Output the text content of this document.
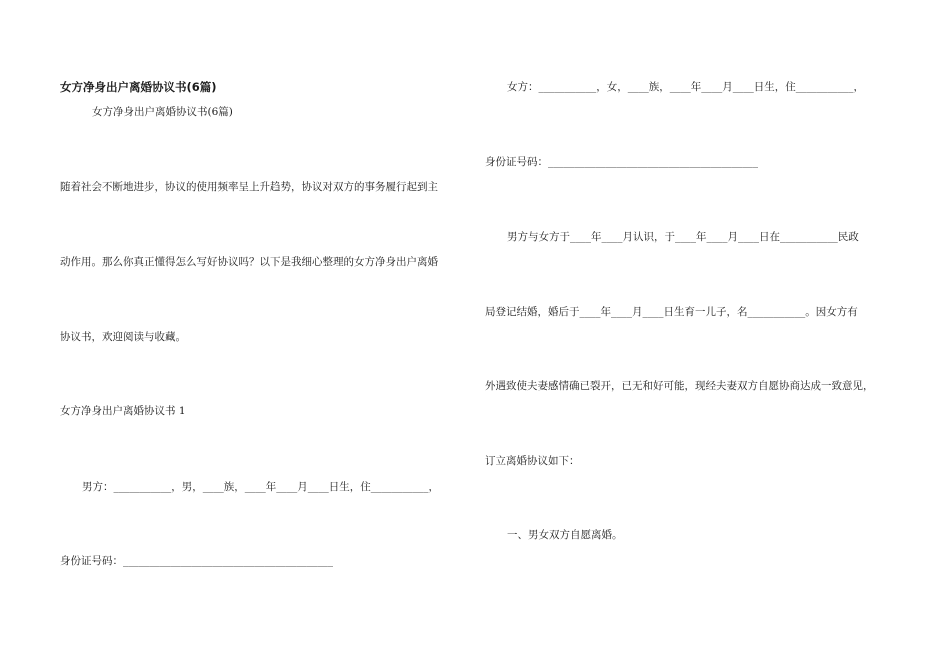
女方净身出户离婚协议书(6篇)
女方净身出户离婚协议书(6篇)
随着社会不断地进步，协议的使用频率呈上升趋势，协议对双方的事务履行起到主
动作用。那么你真正懂得怎么写好协议吗？以下是我细心整理的女方净身出户离婚
协议书，欢迎阅读与收藏。
女方净身出户离婚协议书 1
男方：___________，男，____族，____年____月____日生，住___________，
身份证号码：________________________________________
女方：___________，女，____族，____年____月____日生，住___________，
身份证号码：________________________________________
男方与女方于____年____月认识，于____年____月____日在___________民政
局登记结婚，婚后于____年____月____日生育一儿子，名___________。因女方有
外遇致使夫妻感情确已裂开，已无和好可能，现经夫妻双方自愿协商达成一致意见，
订立离婚协议如下：
一、男女双方自愿离婚。
